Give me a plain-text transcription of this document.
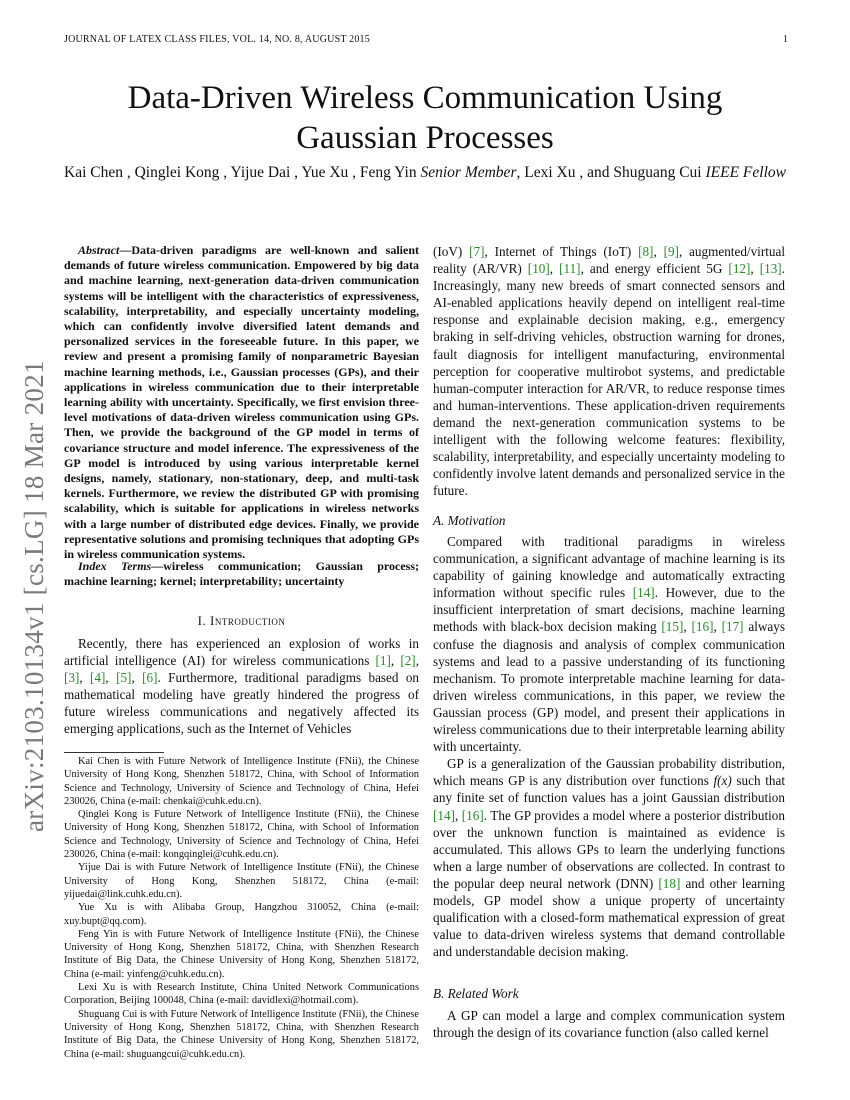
JOURNAL OF LATEX CLASS FILES, VOL. 14, NO. 8, AUGUST 2015	1
arXiv:2103.10134v1 [cs.LG] 18 Mar 2021
Data-Driven Wireless Communication Using
Gaussian Processes
Kai Chen , Qinglei Kong , Yijue Dai , Yue Xu , Feng Yin Senior Member, Lexi Xu , and Shuguang Cui IEEE Fellow
Abstract—Data-driven paradigms are well-known and salient demands of future wireless communication. Empowered by big data and machine learning, next-generation data-driven communication systems will be intelligent with the characteristics of expressiveness, scalability, interpretability, and especially uncertainty modeling, which can confidently involve diversified latent demands and personalized services in the foreseeable future. In this paper, we review and present a promising family of nonparametric Bayesian machine learning methods, i.e., Gaussian processes (GPs), and their applications in wireless communication due to their interpretable learning ability with uncertainty. Specifically, we first envision three-level motivations of data-driven wireless communication using GPs. Then, we provide the background of the GP model in terms of covariance structure and model inference. The expressiveness of the GP model is introduced by using various interpretable kernel designs, namely, stationary, non-stationary, deep, and multi-task kernels. Furthermore, we review the distributed GP with promising scalability, which is suitable for applications in wireless networks with a large number of distributed edge devices. Finally, we provide representative solutions and promising techniques that adopting GPs in wireless communication systems.
Index Terms—wireless communication; Gaussian process; machine learning; kernel; interpretability; uncertainty
I. Introduction
Recently, there has experienced an explosion of works in artificial intelligence (AI) for wireless communications [1], [2], [3], [4], [5], [6]. Furthermore, traditional paradigms based on mathematical modeling have greatly hindered the progress of future wireless communications and negatively affected its emerging applications, such as the Internet of Vehicles

Kai Chen is with Future Network of Intelligence Institute (FNii), the Chinese University of Hong Kong, Shenzhen 518172, China, with School of Information Science and Technology, University of Science and Technology of China, Hefei 230026, China (e-mail: chenkai@cuhk.edu.cn).

Qinglei Kong is Future Network of Intelligence Institute (FNii), the Chinese University of Hong Kong, Shenzhen 518172, China, with School of Information Science and Technology, University of Science and Technology of China, Hefei 230026, China (e-mail: kongqinglei@cuhk.edu.cn).

Yijue Dai is with Future Network of Intelligence Institute (FNii), the Chinese University of Hong Kong, Shenzhen 518172, China (e-mail: yijuedai@link.cuhk.edu.cn).

Yue Xu is with Alibaba Group, Hangzhou 310052, China (e-mail: xuy.bupt@qq.com).

Feng Yin is with Future Network of Intelligence Institute (FNii), the Chinese University of Hong Kong, Shenzhen 518172, China, with Shenzhen Research Institute of Big Data, the Chinese University of Hong Kong, Shenzhen 518172, China (e-mail: yinfeng@cuhk.edu.cn).

Lexi Xu is with Research Institute, China United Network Communications Corporation, Beijing 100048, China (e-mail: davidlexi@hotmail.com).

Shuguang Cui is with Future Network of Intelligence Institute (FNii), the Chinese University of Hong Kong, Shenzhen 518172, China, with Shenzhen Research Institute of Big Data, the Chinese University of Hong Kong, Shenzhen 518172, China (e-mail: shuguangcui@cuhk.edu.cn).

(IoV) [7], Internet of Things (IoT) [8], [9], augmented/virtual reality (AR/VR) [10], [11], and energy efficient 5G [12], [13]. Increasingly, many new breeds of smart connected sensors and AI-enabled applications heavily depend on intelligent real-time response and explainable decision making, e.g., emergency braking in self-driving vehicles, obstruction warning for drones, fault diagnosis for intelligent manufacturing, environmental perception for cooperative multirobot systems, and predictable human-computer interaction for AR/VR, to reduce response times and human-interventions. These application-driven requirements demand the next-generation communication systems to be intelligent with the following welcome features: flexibility, scalability, interpretability, and especially uncertainty modeling to confidently involve latent demands and personalized service in the future.
A. Motivation

Compared with traditional paradigms in wireless communication, a significant advantage of machine learning is its capability of gaining knowledge and automatically extracting information without specific rules [14]. However, due to the insufficient interpretation of smart decisions, machine learning methods with black-box decision making [15], [16], [17] always confuse the diagnosis and analysis of complex communication systems and lead to a passive understanding of its functioning mechanism. To promote interpretable machine learning for data-driven wireless communications, in this paper, we review the Gaussian process (GP) model, and present their applications in wireless communications due to their interpretable learning ability with uncertainty.

GP is a generalization of the Gaussian probability distribution, which means GP is any distribution over functions f(x) such that any finite set of function values has a joint Gaussian distribution [14], [16]. The GP provides a model where a posterior distribution over the unknown function is maintained as evidence is accumulated. This allows GPs to learn the underlying functions when a large number of observations are collected. In contrast to the popular deep neural network (DNN) [18] and other learning models, GP model show a unique property of uncertainty qualification with a closed-form mathematical expression of great value to data-driven wireless systems that demand controllable and understandable decision making.

B. Related Work
A GP can model a large and complex communication system through the design of its covariance function (also called kernel
